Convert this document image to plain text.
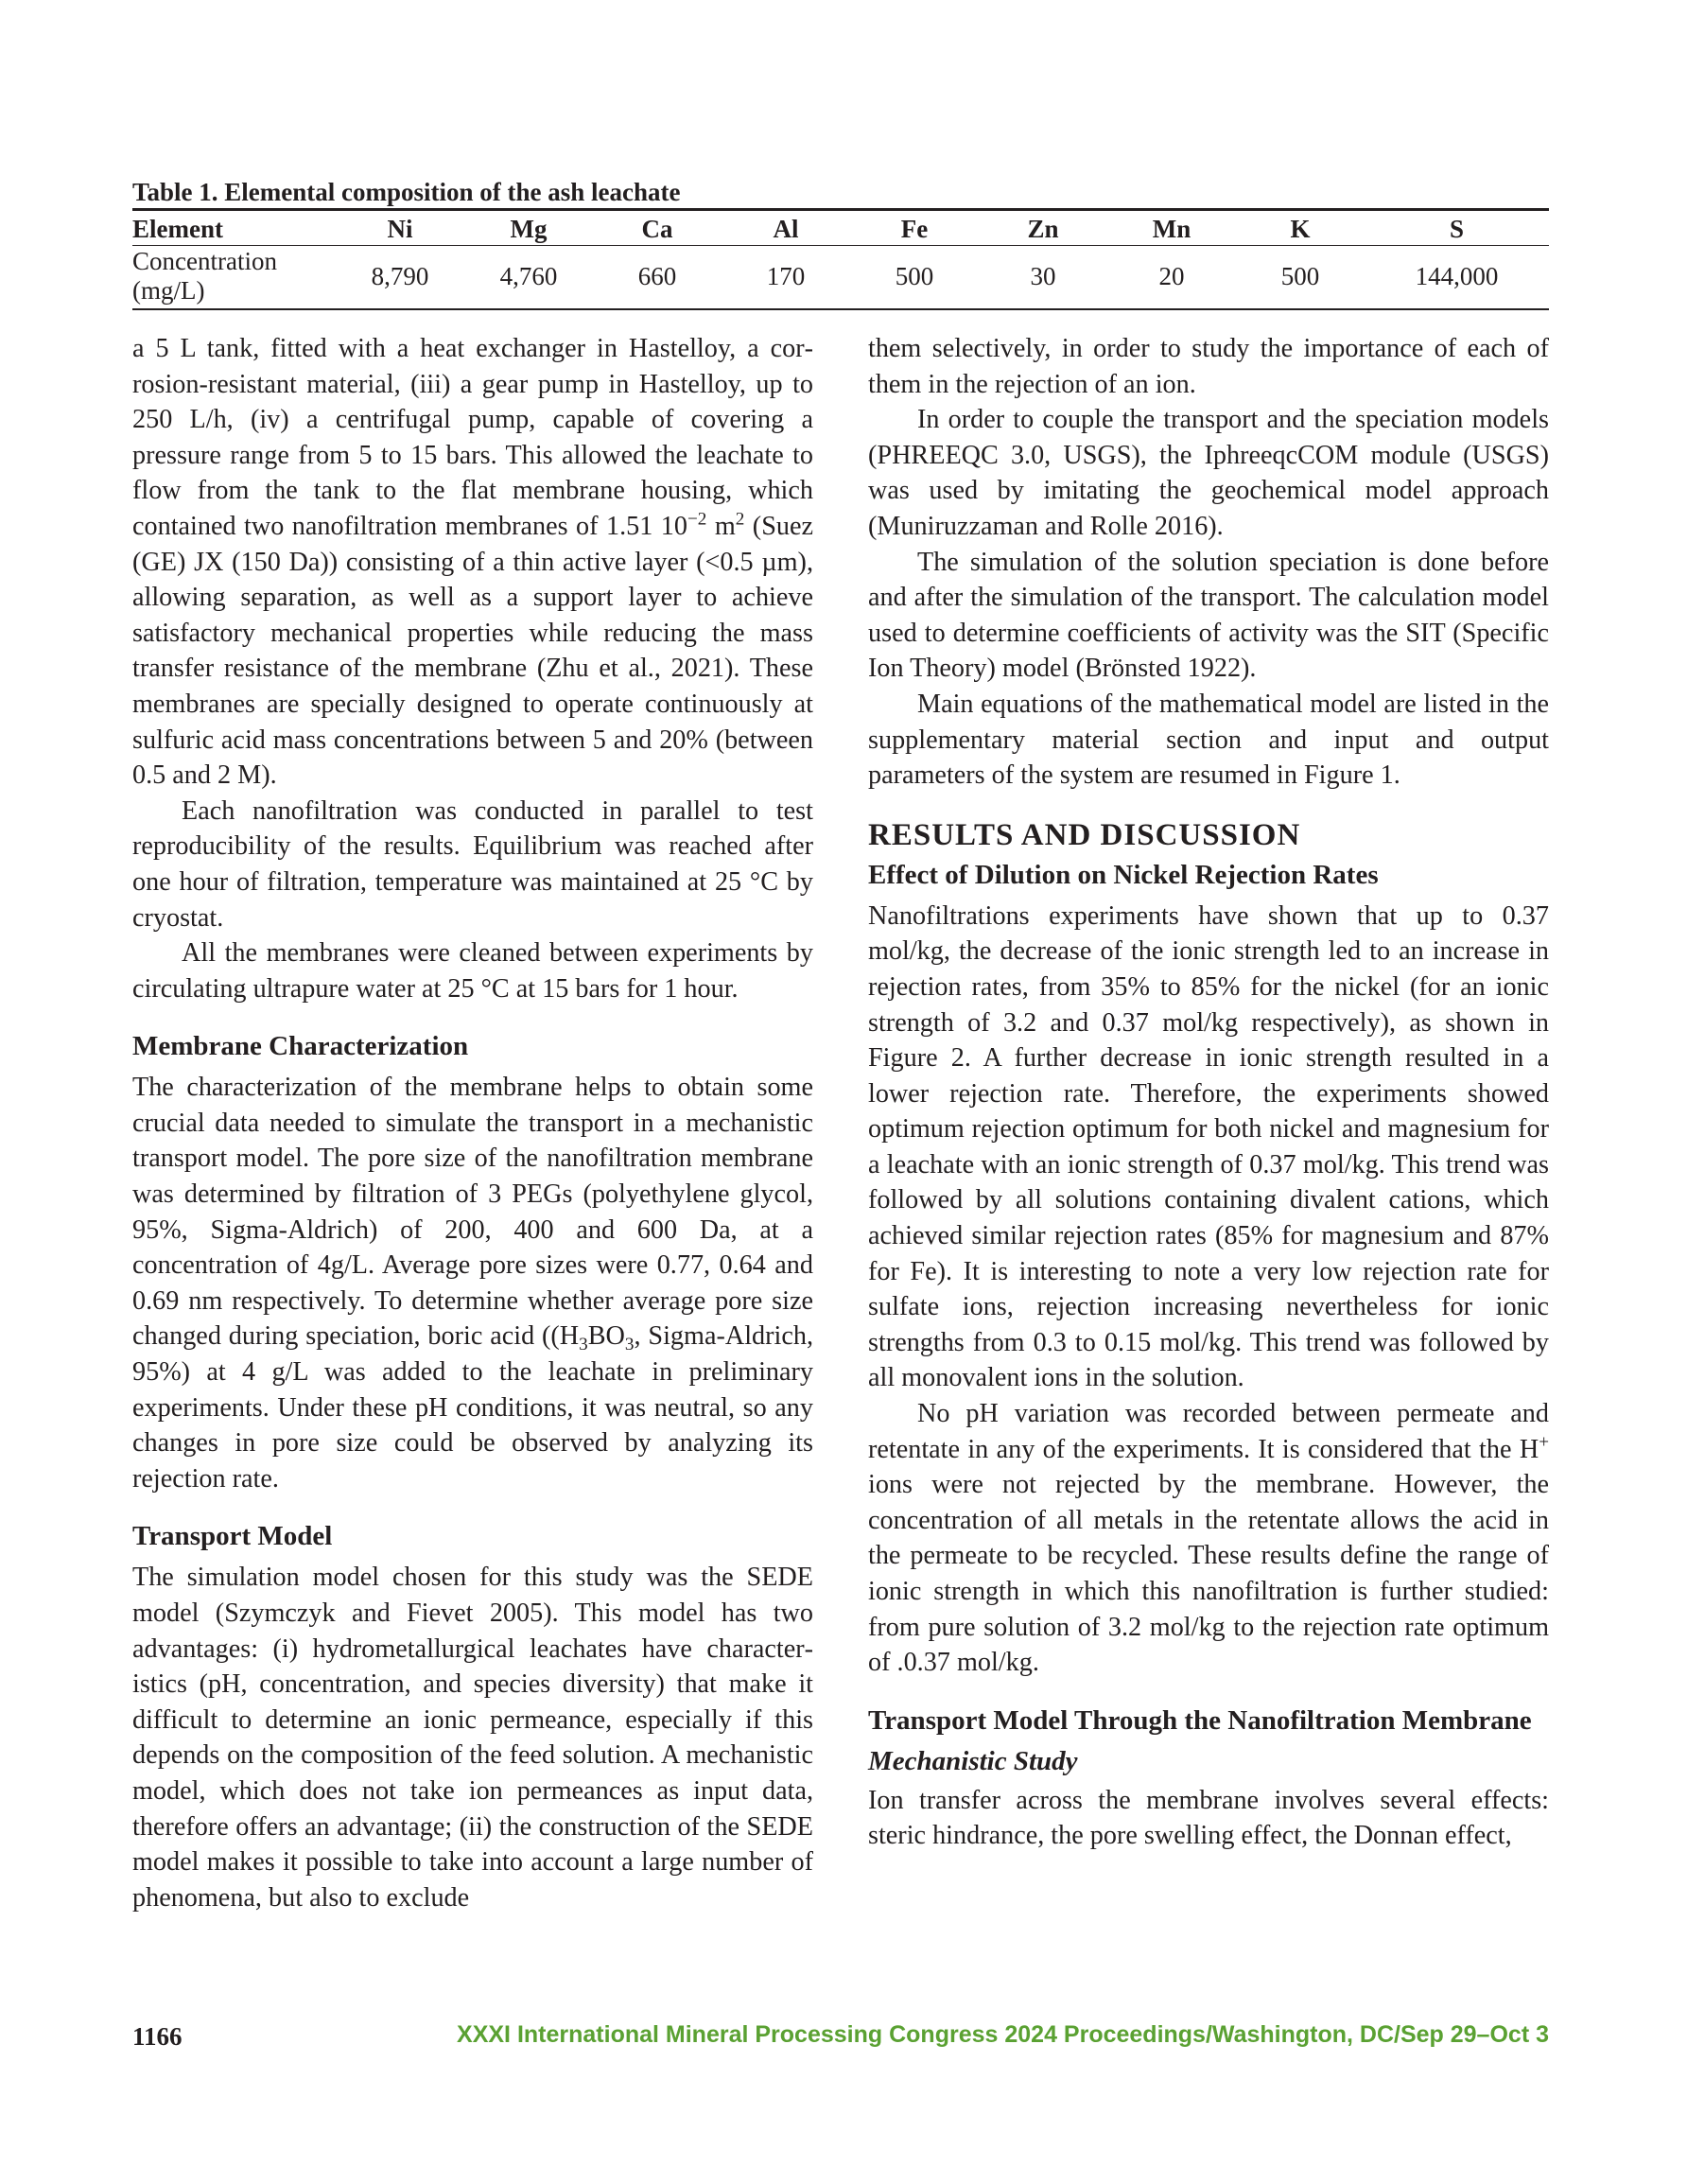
Table 1. Elemental composition of the ash leachate
Element	Ni	Mg	Ca	Al	Fe	Zn	Mn	K	S
Concentration (mg/L)	8,790	4,760	660	170	500	30	20	500	144,000

a 5 L tank, fitted with a heat exchanger in Hastelloy, a corrosion-resistant material, (iii) a gear pump in Hastelloy, up to 250 L/h, (iv) a centrifugal pump, capable of covering a pressure range from 5 to 15 bars. This allowed the leachate to flow from the tank to the flat membrane housing, which contained two nanofiltration membranes of 1.51 $10^{-2}$ $m^2$ (Suez (GE) JX (150 Da)) consisting of a thin active layer (<0.5 µm), allowing separation, as well as a support layer to achieve satisfactory mechanical properties while reducing the mass transfer resistance of the membrane (Zhu et al., 2021). These membranes are specially designed to operate continuously at sulfuric acid mass concentrations between 5 and 20% (between 0.5 and 2 M).

Each nanofiltration was conducted in parallel to test reproducibility of the results. Equilibrium was reached after one hour of filtration, temperature was maintained at 25 °C by cryostat.

All the membranes were cleaned between experiments by circulating ultrapure water at 25 °C at 15 bars for 1 hour.

Membrane Characterization

The characterization of the membrane helps to obtain some crucial data needed to simulate the transport in a mechanistic transport model. The pore size of the nanofiltration membrane was determined by filtration of 3 PEGs (polyethylene glycol, 95%, Sigma-Aldrich) of 200, 400 and 600 Da, at a concentration of 4g/L. Average pore sizes were 0.77, 0.64 and 0.69 nm respectively. To determine whether average pore size changed during speciation, boric acid (($H_3BO_3$, Sigma-Aldrich, 95%) at 4 g/L was added to the leachate in preliminary experiments. Under these pH conditions, it was neutral, so any changes in pore size could be observed by analyzing its rejection rate.

Transport Model

The simulation model chosen for this study was the SEDE model (Szymczyk and Fievet 2005). This model has two advantages: (i) hydrometallurgical leachates have characteristics (pH, concentration, and species diversity) that make it difficult to determine an ionic permeance, especially if this depends on the composition of the feed solution. A mechanistic model, which does not take ion permeances as input data, therefore offers an advantage; (ii) the construction of the SEDE model makes it possible to take into account a large number of phenomena, but also to exclude

them selectively, in order to study the importance of each of them in the rejection of an ion.

In order to couple the transport and the speciation models (PHREEQC 3.0, USGS), the IphreeqcCOM module (USGS) was used by imitating the geochemical model approach (Muniruzzaman and Rolle 2016).

The simulation of the solution speciation is done before and after the simulation of the transport. The calculation model used to determine coefficients of activity was the SIT (Specific Ion Theory) model (Brönsted 1922).

Main equations of the mathematical model are listed in the supplementary material section and input and output parameters of the system are resumed in Figure 1.

RESULTS AND DISCUSSION
Effect of Dilution on Nickel Rejection Rates

Nanofiltrations experiments have shown that up to 0.37 mol/kg, the decrease of the ionic strength led to an increase in rejection rates, from 35% to 85% for the nickel (for an ionic strength of 3.2 and 0.37 mol/kg respectively), as shown in Figure 2. A further decrease in ionic strength resulted in a lower rejection rate. Therefore, the experiments showed optimum rejection optimum for both nickel and magnesium for a leachate with an ionic strength of 0.37 mol/kg. This trend was followed by all solutions containing divalent cations, which achieved similar rejection rates (85% for magnesium and 87% for Fe). It is interesting to note a very low rejection rate for sulfate ions, rejection increasing nevertheless for ionic strengths from 0.3 to 0.15 mol/kg. This trend was followed by all monovalent ions in the solution.

No pH variation was recorded between permeate and retentate in any of the experiments. It is considered that the H+ ions were not rejected by the membrane. However, the concentration of all metals in the retentate allows the acid in the permeate to be recycled. These results define the range of ionic strength in which this nanofiltration is further studied: from pure solution of 3.2 mol/kg to the rejection rate optimum of .0.37 mol/kg.

Transport Model Through the Nanofiltration Membrane
Mechanistic Study

Ion transfer across the membrane involves several effects: steric hindrance, the pore swelling effect, the Donnan effect,

1166	XXXI International Mineral Processing Congress 2024 Proceedings/Washington, DC/Sep 29–Oct 3
